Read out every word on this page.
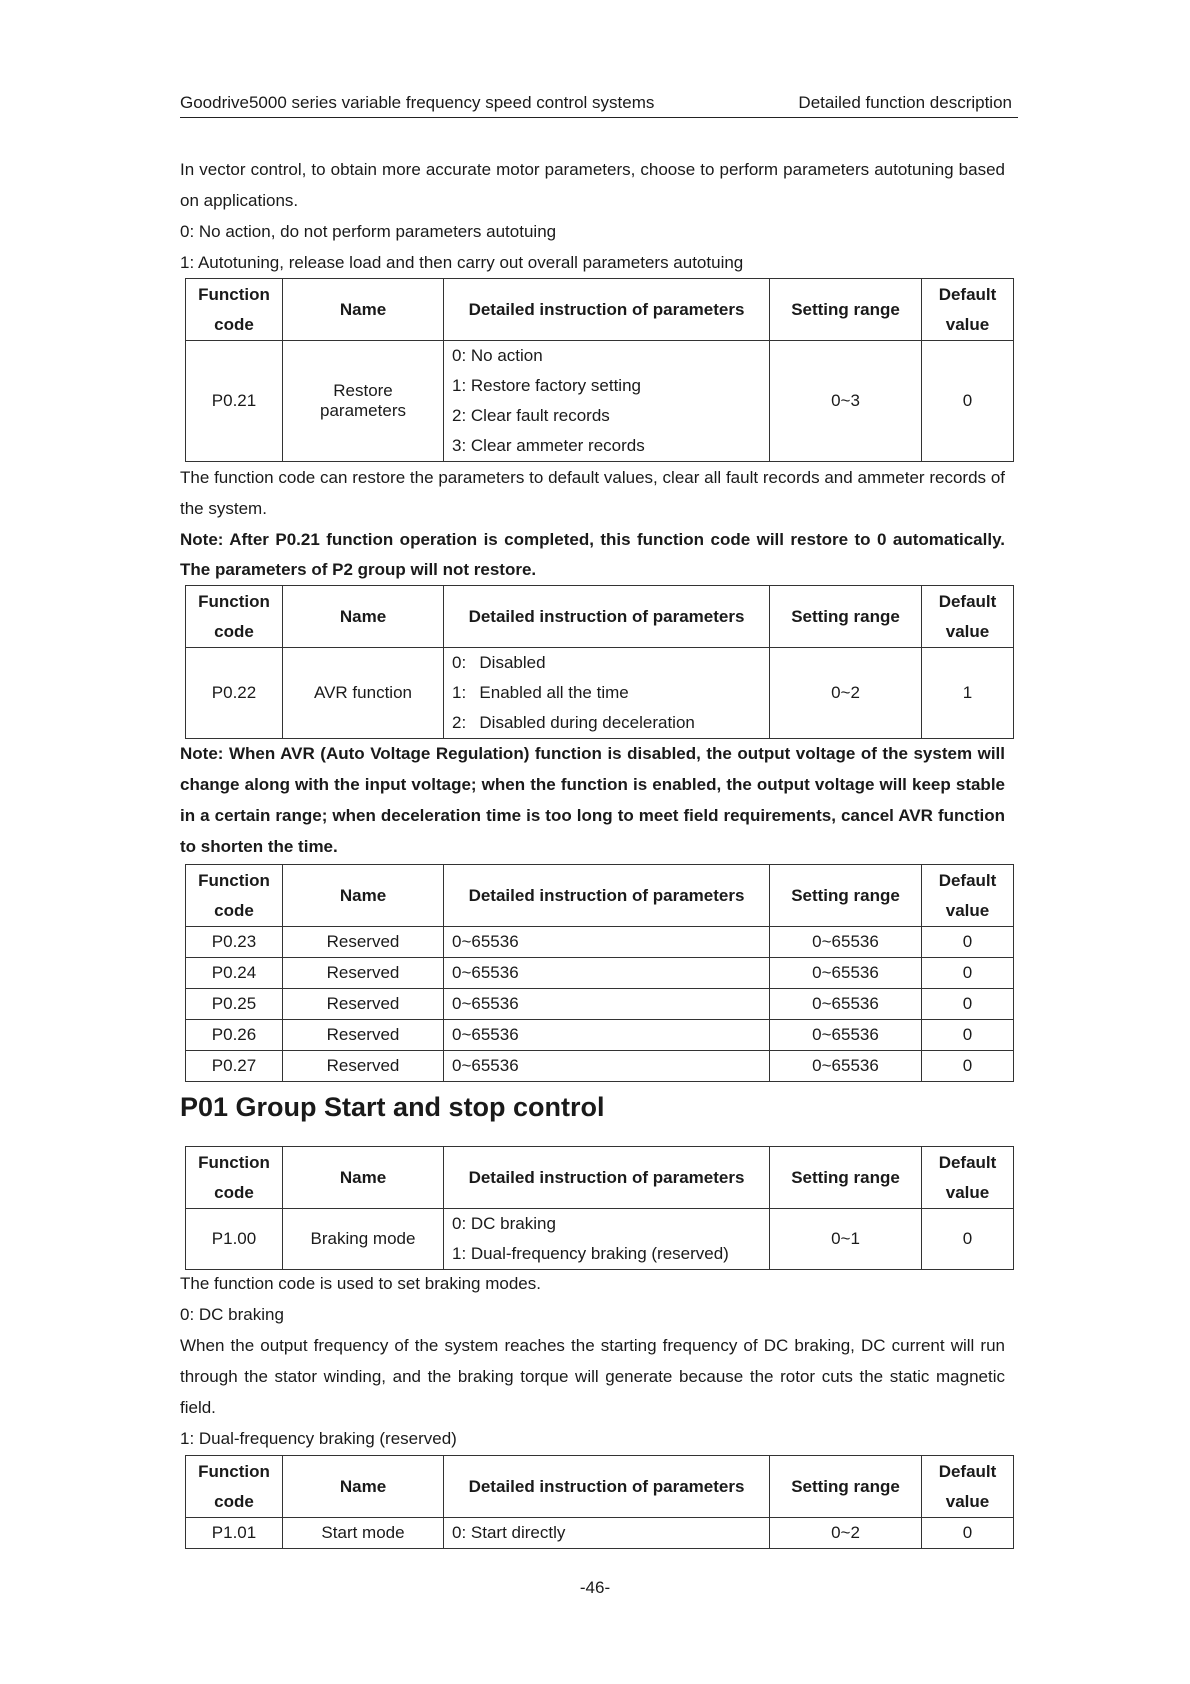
Goodrive5000 series variable frequency speed control systems	Detailed function description
In vector control, to obtain more accurate motor parameters, choose to perform parameters autotuning based on applications.
0: No action, do not perform parameters autotuing
1: Autotuning, release load and then carry out overall parameters autotuing
Function code	Name	Detailed instruction of parameters	Setting range	Default value
P0.21	Restore parameters	0: No action
1: Restore factory setting
2: Clear fault records
3: Clear ammeter records	0~3	0
The function code can restore the parameters to default values, clear all fault records and ammeter records of the system.
Note: After P0.21 function operation is completed, this function code will restore to 0 automatically. The parameters of P2 group will not restore.
Function code	Name	Detailed instruction of parameters	Setting range	Default value
P0.22	AVR function	0:  Disabled
1:  Enabled all the time
2:  Disabled during deceleration	0~2	1
Note: When AVR (Auto Voltage Regulation) function is disabled, the output voltage of the system will change along with the input voltage; when the function is enabled, the output voltage will keep stable in a certain range; when deceleration time is too long to meet field requirements, cancel AVR function to shorten the time.
Function code	Name	Detailed instruction of parameters	Setting range	Default value
P0.23	Reserved	0~65536	0~65536	0
P0.24	Reserved	0~65536	0~65536	0
P0.25	Reserved	0~65536	0~65536	0
P0.26	Reserved	0~65536	0~65536	0
P0.27	Reserved	0~65536	0~65536	0
P01 Group Start and stop control
Function code	Name	Detailed instruction of parameters	Setting range	Default value
P1.00	Braking mode	0: DC braking
1: Dual-frequency braking (reserved)	0~1	0
The function code is used to set braking modes.
0: DC braking
When the output frequency of the system reaches the starting frequency of DC braking, DC current will run through the stator winding, and the braking torque will generate because the rotor cuts the static magnetic field.
1: Dual-frequency braking (reserved)
Function code	Name	Detailed instruction of parameters	Setting range	Default value
P1.01	Start mode	0: Start directly	0~2	0
-46-
